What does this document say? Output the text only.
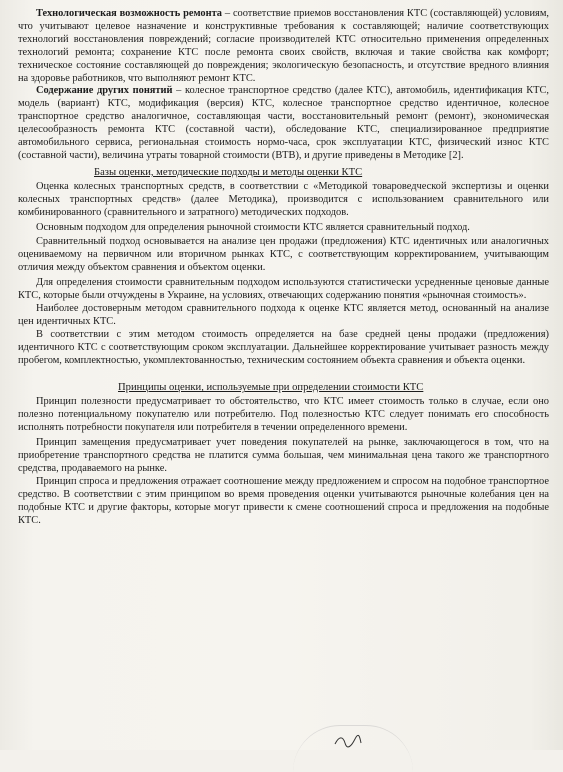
Технологическая возможность ремонта – соответствие приемов восстановления КТС (составляющей) условиям, что учитывают целевое назначение и конструктивные требования к составляющей; наличие соответствующих технологий восстановления повреждений; согласие производителей КТС относительно применения определенных технологий ремонта; сохранение КТС после ремонта своих свойств, включая и такие свойства как комфорт; техническое состояние составляющей до повреждения; экологическую безопасность, и отсутствие вредного влияния на здоровье работников, что выполняют ремонт КТС.

Содержание других понятий – колесное транспортное средство (далее КТС), автомобиль, идентификация КТС, модель (вариант) КТС, модификация (версия) КТС, колесное транспортное средство идентичное, колесное транспортное средство аналогичное, составляющая части, восстановительный ремонт (ремонт), экономическая целесообразность ремонта КТС (составной части), обследование КТС, специализированное предприятие автомобильного сервиса, региональная стоимость нормо-часа, срок эксплуатации КТС, физический износ КТС (составной части), величина утраты товарной стоимости (ВТВ), и другие приведены в Методике [2].

Базы оценки, методические подходы и методы оценки КТС

Оценка колесных транспортных средств, в соответствии с «Методикой товароведческой экспертизы и оценки колесных транспортных средств» (далее Методика), производится с использованием сравнительного или комбинированного (сравнительного и затратного) методических подходов.

Основным подходом для определения рыночной стоимости КТС является сравнительный подход.

Сравнительный подход основывается на анализе цен продажи (предложения) КТС идентичных или аналогичных оцениваемому на первичном или вторичном рынках КТС, с соответствующим корректированием, учитывающим отличия между объектом сравнения и объектом оценки.

Для определения стоимости сравнительным подходом используются статистически усредненные ценовые данные КТС, которые были отчуждены в Украине, на условиях, отвечающих содержанию понятия «рыночная стоимость».

Наиболее достоверным методом сравнительного подхода к оценке КТС является метод, основанный на анализе цен идентичных КТС.

В соответствии с этим методом стоимость определяется на базе средней цены продажи (предложения) идентичного КТС с соответствующим сроком эксплуатации. Дальнейшее корректирование учитывает разность между пробегом, комплектностью, укомплектованностью, техническим состоянием объекта сравнения и объекта оценки.

Принципы оценки, используемые при определении стоимости КТС

Принцип полезности предусматривает то обстоятельство, что КТС имеет стоимость только в случае, если оно полезно потенциальному покупателю или потребителю. Под полезностью КТС следует понимать его способность исполнять потребности покупателя или потребителя в течении определенного времени.

Принцип замещения предусматривает учет поведения покупателей на рынке, заключающегося в том, что на приобретение транспортного средства не платится сумма большая, чем минимальная цена такого же транспортного средства, продаваемого на рынке.

Принцип спроса и предложения отражает соотношение между предложением и спросом на подобное транспортное средство. В соответствии с этим принципом во время проведения оценки учитываются рыночные колебания цен на подобные КТС и другие факторы, которые могут привести к смене соотношений спроса и предложения на подобные КТС.
